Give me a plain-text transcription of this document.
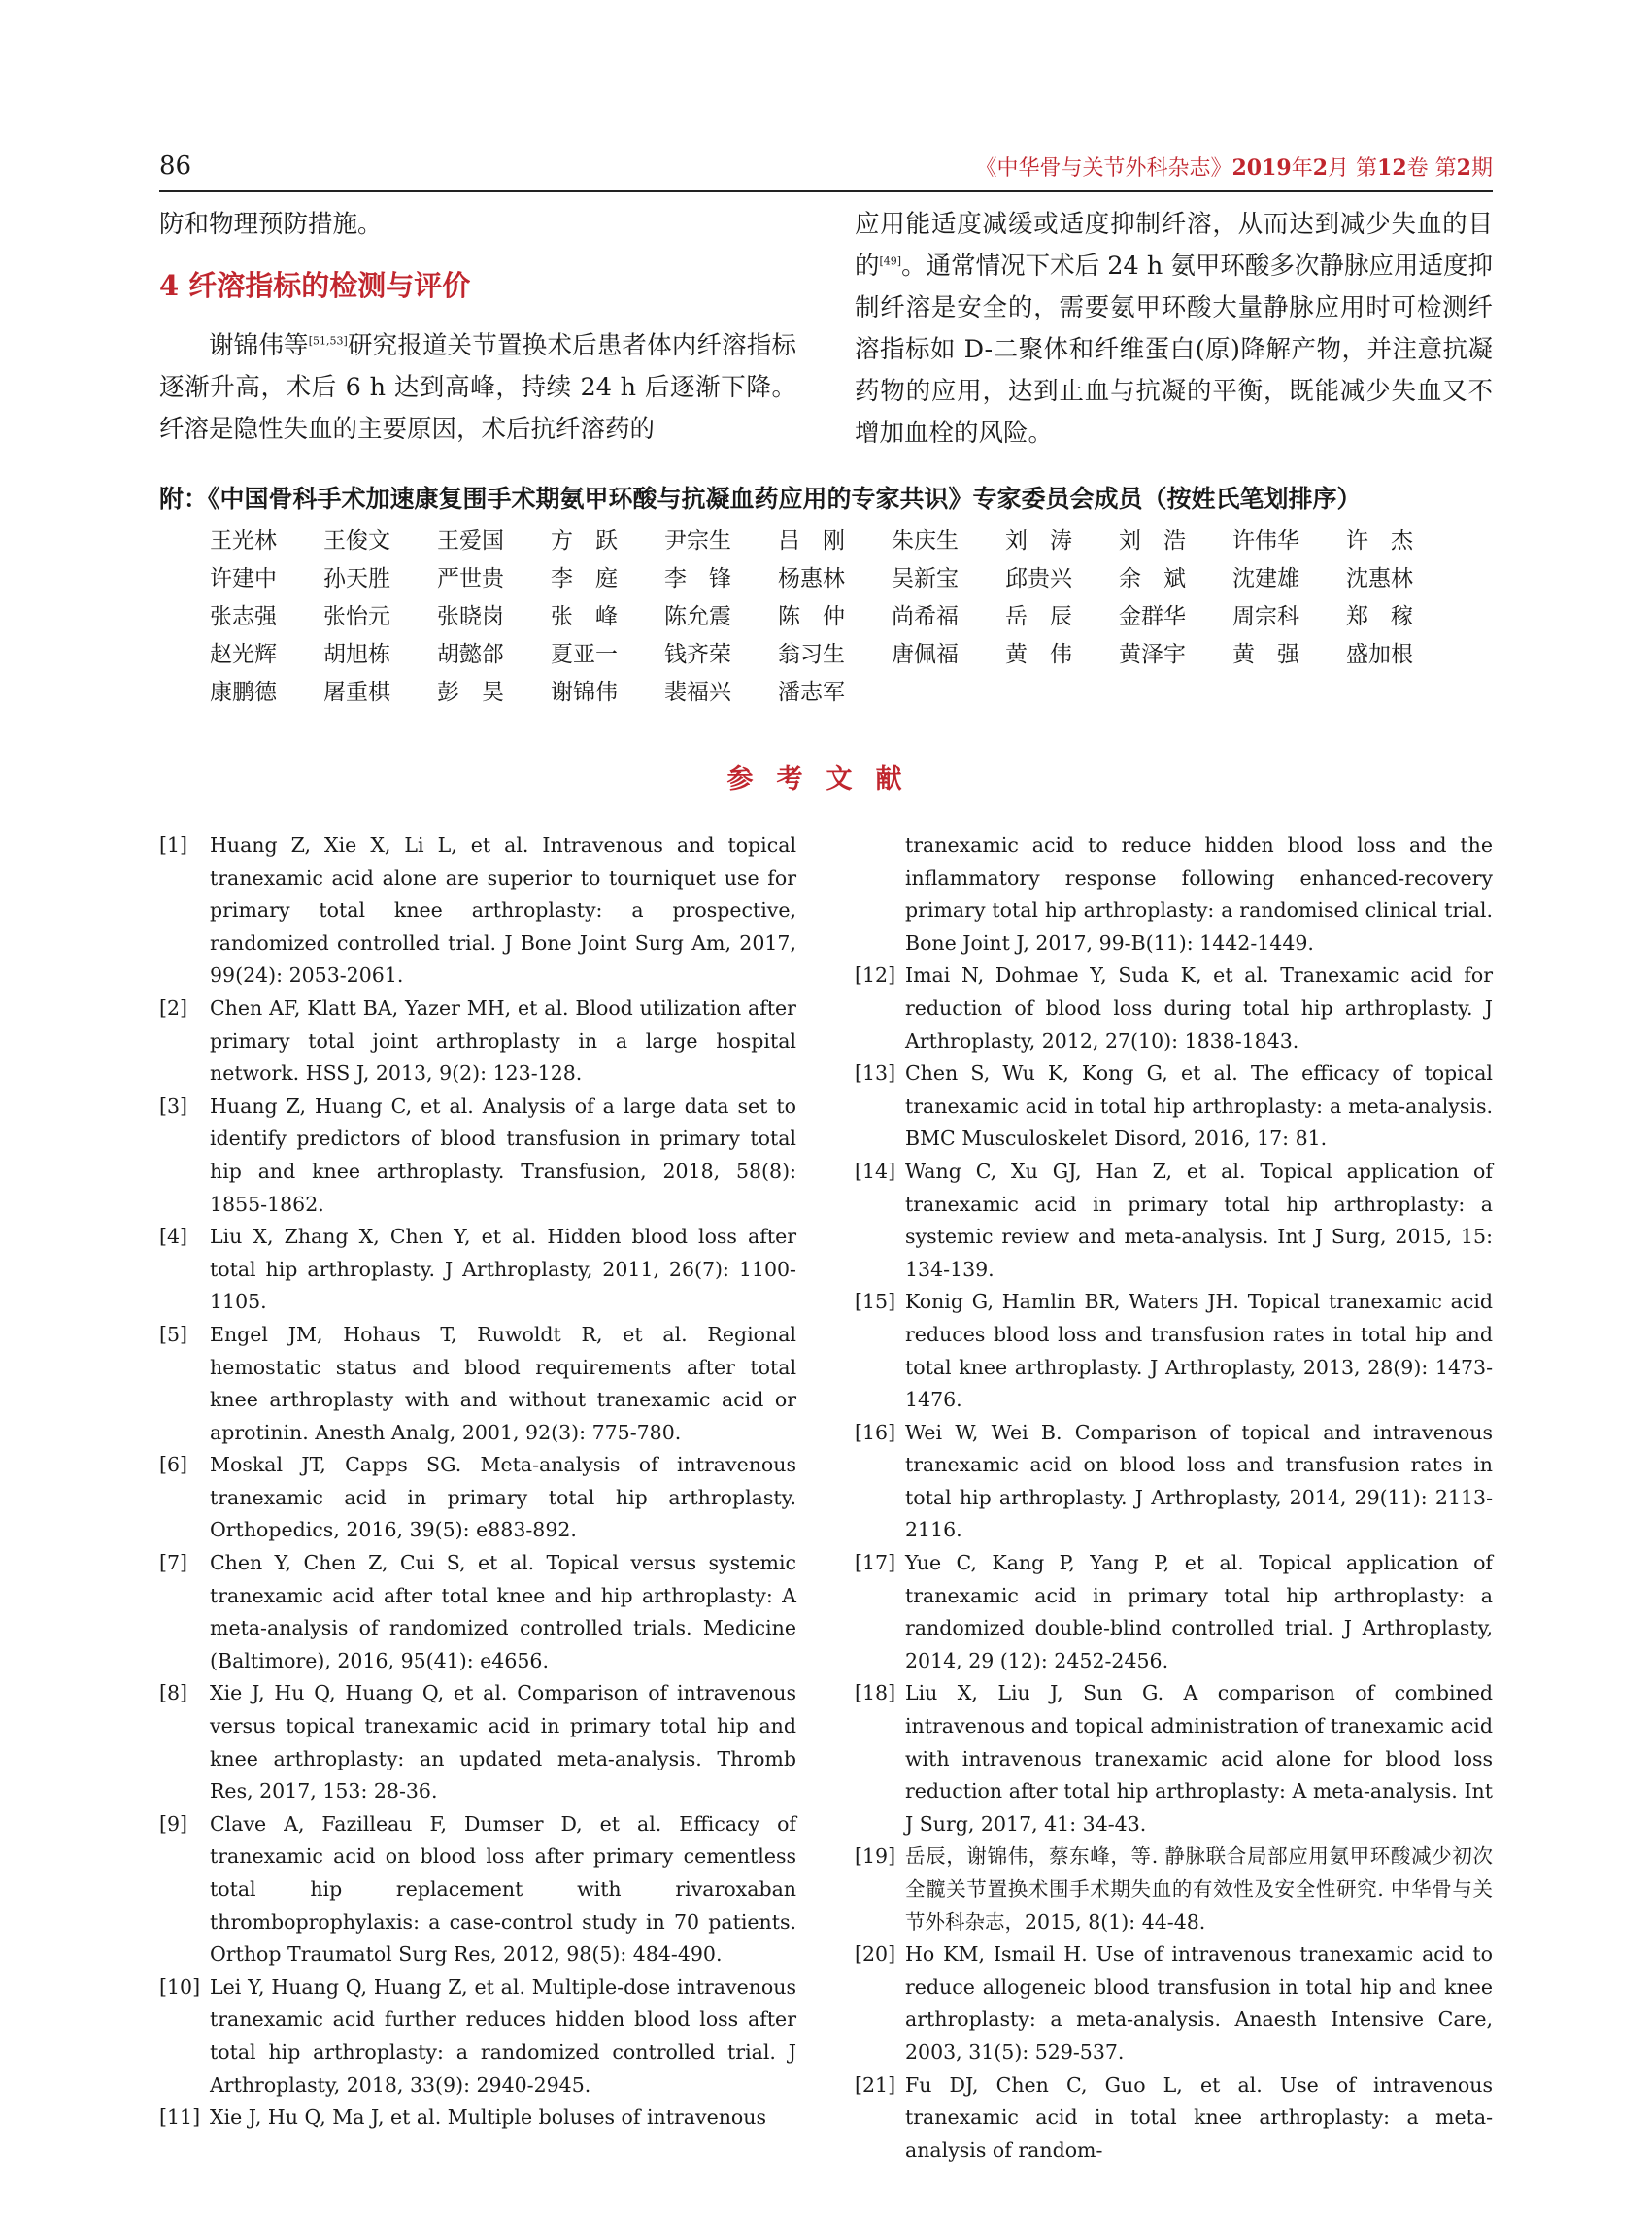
86	《中华骨与关节外科杂志》2019年2月 第12卷 第2期

防和物理预防措施。

4 纤溶指标的检测与评价

谢锦伟等[51,53]研究报道关节置换术后患者体内纤溶指标逐渐升高，术后 6 h 达到高峰，持续 24 h 后逐渐下降。纤溶是隐性失血的主要原因，术后抗纤溶药的

应用能适度减缓或适度抑制纤溶，从而达到减少失血的目的[49]。通常情况下术后 24 h 氨甲环酸多次静脉应用适度抑制纤溶是安全的，需要氨甲环酸大量静脉应用时可检测纤溶指标如 D-二聚体和纤维蛋白(原)降解产物，并注意抗凝药物的应用，达到止血与抗凝的平衡，既能减少失血又不增加血栓的风险。

附：《中国骨科手术加速康复围手术期氨甲环酸与抗凝血药应用的专家共识》专家委员会成员（按姓氏笔划排序）
王光林 王俊文 王爱国 方　跃 尹宗生 吕　刚 朱庆生 刘　涛 刘　浩 许伟华 许　杰
许建中 孙天胜 严世贵 李　庭 李　锋 杨惠林 吴新宝 邱贵兴 余　斌 沈建雄 沈惠林
张志强 张怡元 张晓岗 张　峰 陈允震 陈　仲 尚希福 岳　辰 金群华 周宗科 郑　稼
赵光辉 胡旭栋 胡懿郃 夏亚一 钱齐荣 翁习生 唐佩福 黄　伟 黄泽宇 黄　强 盛加根
康鹏德 屠重棋 彭　昊 谢锦伟 裴福兴 潘志军
参考文献
[1] Huang Z, Xie X, Li L, et al. Intravenous and topical tranexamic acid alone are superior to tourniquet use for primary total knee arthroplasty: a prospective, randomized controlled trial. J Bone Joint Surg Am, 2017, 99(24): 2053-2061.
[2] Chen AF, Klatt BA, Yazer MH, et al. Blood utilization after primary total joint arthroplasty in a large hospital network. HSS J, 2013, 9(2): 123-128.
[3] Huang Z, Huang C, et al. Analysis of a large data set to identify predictors of blood transfusion in primary total hip and knee arthroplasty. Transfusion, 2018, 58(8): 1855-1862.
[4] Liu X, Zhang X, Chen Y, et al. Hidden blood loss after total hip arthroplasty. J Arthroplasty, 2011, 26(7): 1100-1105.
[5] Engel JM, Hohaus T, Ruwoldt R, et al. Regional hemostatic status and blood requirements after total knee arthroplasty with and without tranexamic acid or aprotinin. Anesth Analg, 2001, 92(3): 775-780.
[6] Moskal JT, Capps SG. Meta-analysis of intravenous tranexamic acid in primary total hip arthroplasty. Orthopedics, 2016, 39(5): e883-892.
[7] Chen Y, Chen Z, Cui S, et al. Topical versus systemic tranexamic acid after total knee and hip arthroplasty: A meta-analysis of randomized controlled trials. Medicine (Baltimore), 2016, 95(41): e4656.
[8] Xie J, Hu Q, Huang Q, et al. Comparison of intravenous versus topical tranexamic acid in primary total hip and knee arthroplasty: an updated meta-analysis. Thromb Res, 2017, 153: 28-36.
[9] Clave A, Fazilleau F, Dumser D, et al. Efficacy of tranexamic acid on blood loss after primary cementless total hip replacement with rivaroxaban thromboprophylaxis: a case-control study in 70 patients. Orthop Traumatol Surg Res, 2012, 98(5): 484-490.
[10] Lei Y, Huang Q, Huang Z, et al. Multiple-dose intravenous tranexamic acid further reduces hidden blood loss after total hip arthroplasty: a randomized controlled trial. J Arthroplasty, 2018, 33(9): 2940-2945.
[11] Xie J, Hu Q, Ma J, et al. Multiple boluses of intravenous
tranexamic acid to reduce hidden blood loss and the inflammatory response following enhanced-recovery primary total hip arthroplasty: a randomised clinical trial. Bone Joint J, 2017, 99-B(11): 1442-1449.
[12] Imai N, Dohmae Y, Suda K, et al. Tranexamic acid for reduction of blood loss during total hip arthroplasty. J Arthroplasty, 2012, 27(10): 1838-1843.
[13] Chen S, Wu K, Kong G, et al. The efficacy of topical tranexamic acid in total hip arthroplasty: a meta-analysis. BMC Musculoskelet Disord, 2016, 17: 81.
[14] Wang C, Xu GJ, Han Z, et al. Topical application of tranexamic acid in primary total hip arthroplasty: a systemic review and meta-analysis. Int J Surg, 2015, 15: 134-139.
[15] Konig G, Hamlin BR, Waters JH. Topical tranexamic acid reduces blood loss and transfusion rates in total hip and total knee arthroplasty. J Arthroplasty, 2013, 28(9): 1473-1476.
[16] Wei W, Wei B. Comparison of topical and intravenous tranexamic acid on blood loss and transfusion rates in total hip arthroplasty. J Arthroplasty, 2014, 29(11): 2113-2116.
[17] Yue C, Kang P, Yang P, et al. Topical application of tranexamic acid in primary total hip arthroplasty: a randomized double-blind controlled trial. J Arthroplasty, 2014, 29 (12): 2452-2456.
[18] Liu X, Liu J, Sun G. A comparison of combined intravenous and topical administration of tranexamic acid with intravenous tranexamic acid alone for blood loss reduction after total hip arthroplasty: A meta-analysis. Int J Surg, 2017, 41: 34-43.
[19] 岳辰，谢锦伟，蔡东峰，等. 静脉联合局部应用氨甲环酸减少初次全髋关节置换术围手术期失血的有效性及安全性研究. 中华骨与关节外科杂志，2015, 8(1): 44-48.
[20] Ho KM, Ismail H. Use of intravenous tranexamic acid to reduce allogeneic blood transfusion in total hip and knee arthroplasty: a meta-analysis. Anaesth Intensive Care, 2003, 31(5): 529-537.
[21] Fu DJ, Chen C, Guo L, et al. Use of intravenous tranexamic acid in total knee arthroplasty: a meta-analysis of random-
